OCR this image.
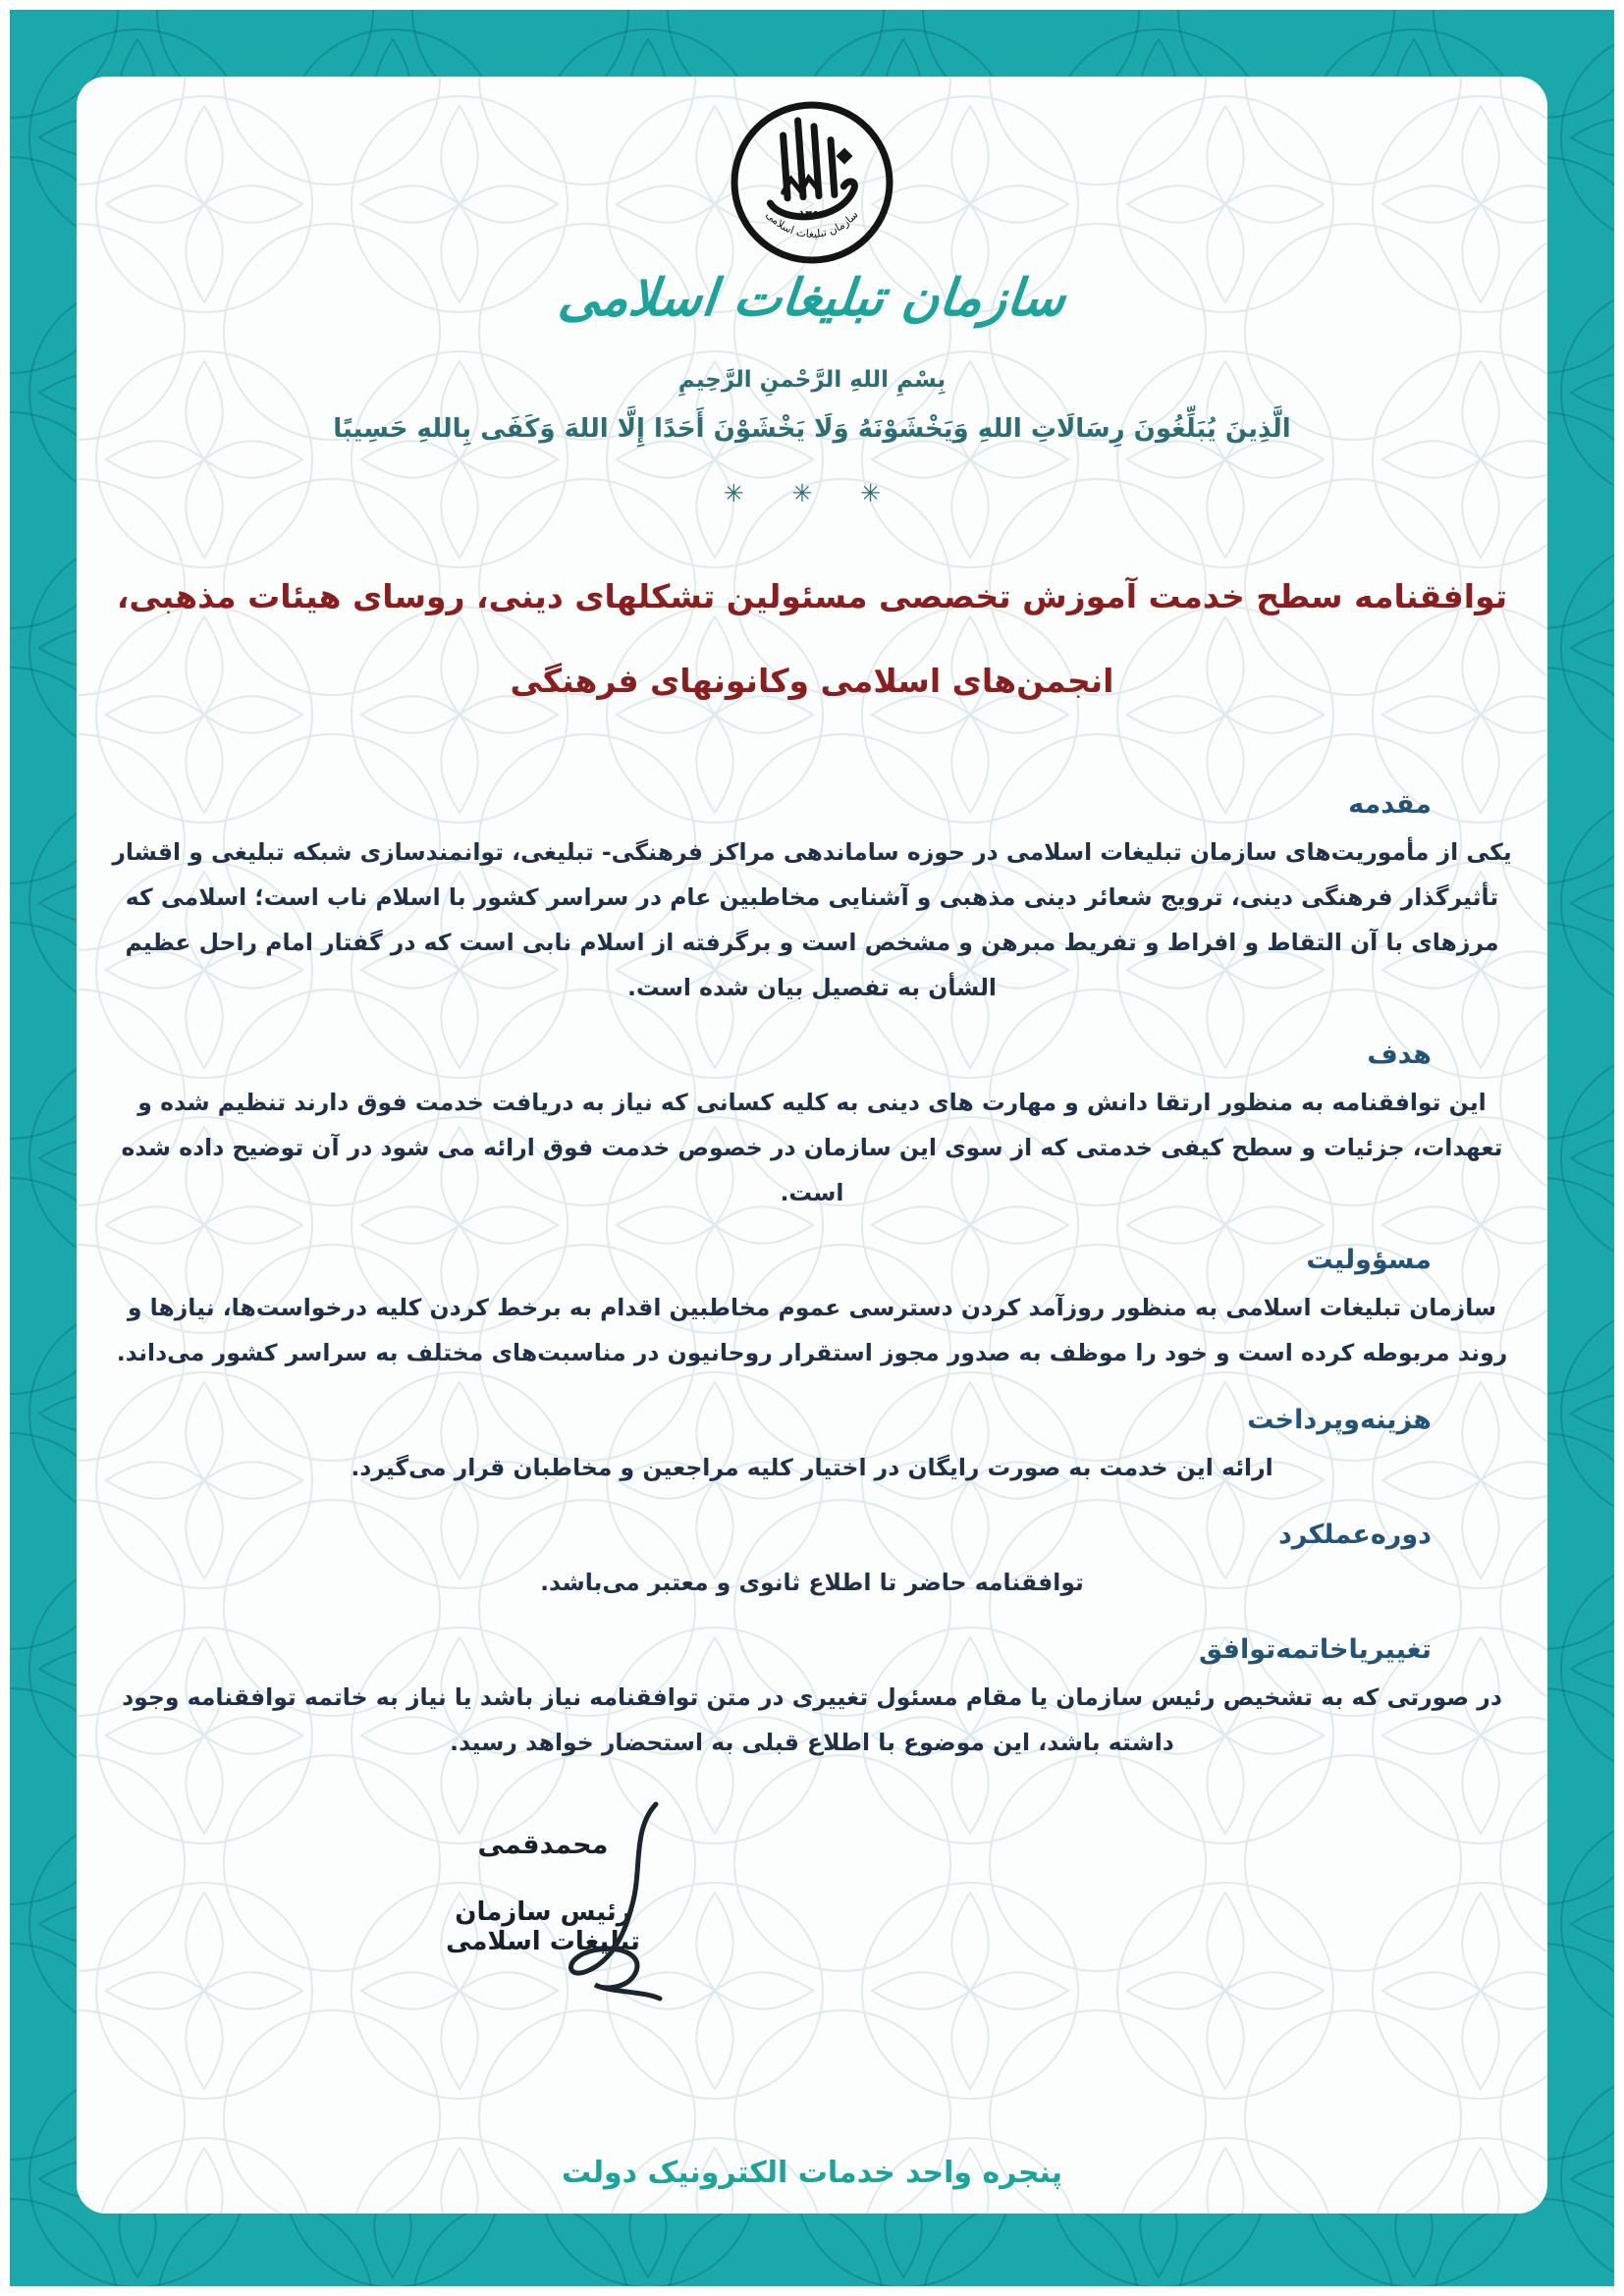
۱۳۶۰
سازمان تبلیغات اسلامی
سازمان تبلیغات اسلامی
بِسْمِ اللهِ الرَّحْمنِ الرَّحِيمِ
الَّذِينَ يُبَلِّغُونَ رِسَالَاتِ اللهِ وَيَخْشَوْنَهُ وَلَا يَخْشَوْنَ أَحَدًا إِلَّا اللهَ وَكَفَى بِاللهِ حَسِيبًا
✳ ✳ ✳
توافقنامه سطح خدمت آموزش تخصصی مسئولین تشکلهای دینی، روسای هیئات مذهبی،
انجمن‌های اسلامی وکانونهای فرهنگی
مقدمه

یکی از مأموریت‌های سازمان تبلیغات اسلامی در حوزه ساماندهی مراکز فرهنگی- تبلیغی، توانمندسازی شبکه تبلیغی و اقشار تأثیرگذار فرهنگی دینی، ترویج شعائر دینی مذهبی و آشنایی مخاطبین عام در سراسر کشور با اسلام ناب است؛ اسلامی که مرزهای با آن التقاط و افراط و تفریط مبرهن و مشخص است و برگرفته از اسلام نابی است که در گفتار امام راحل عظیم الشأن به تفصیل بیان شده است.

هدف

این توافقنامه به منظور ارتقا دانش و مهارت های دینی به کلیه کسانی که نیاز به دریافت خدمت فوق دارند تنظیم شده و تعهدات، جزئیات و سطح کیفی خدمتی که از سوی این سازمان در خصوص خدمت فوق ارائه می شود در آن توضیح داده شده است.

مسؤولیت

سازمان تبلیغات اسلامی به منظور روزآمد کردن دسترسی عموم مخاطبین اقدام به برخط کردن کلیه درخواست‌ها، نیازها و روند مربوطه کرده است و خود را موظف به صدور مجوز استقرار روحانیون در مناسبت‌های مختلف به سراسر کشور می‌داند.

هزینه‌وپرداخت

ارائه این خدمت به صورت رایگان در اختیار کلیه مراجعین و مخاطبان قرار می‌گیرد.

دوره‌عملکرد

توافقنامه حاضر تا اطلاع ثانوی و معتبر می‌باشد.

تغییر‌یا‌خاتمه‌توافق

در صورتی که به تشخیص رئیس سازمان یا مقام مسئول تغییری در متن توافقنامه نیاز باشد یا نیاز به خاتمه توافقنامه وجود داشته باشد، این موضوع با اطلاع قبلی به استحضار خواهد رسید.

محمدقمی

رئیس سازمان تبلیغات اسلامی

پنجره واحد خدمات الکترونیک دولت
